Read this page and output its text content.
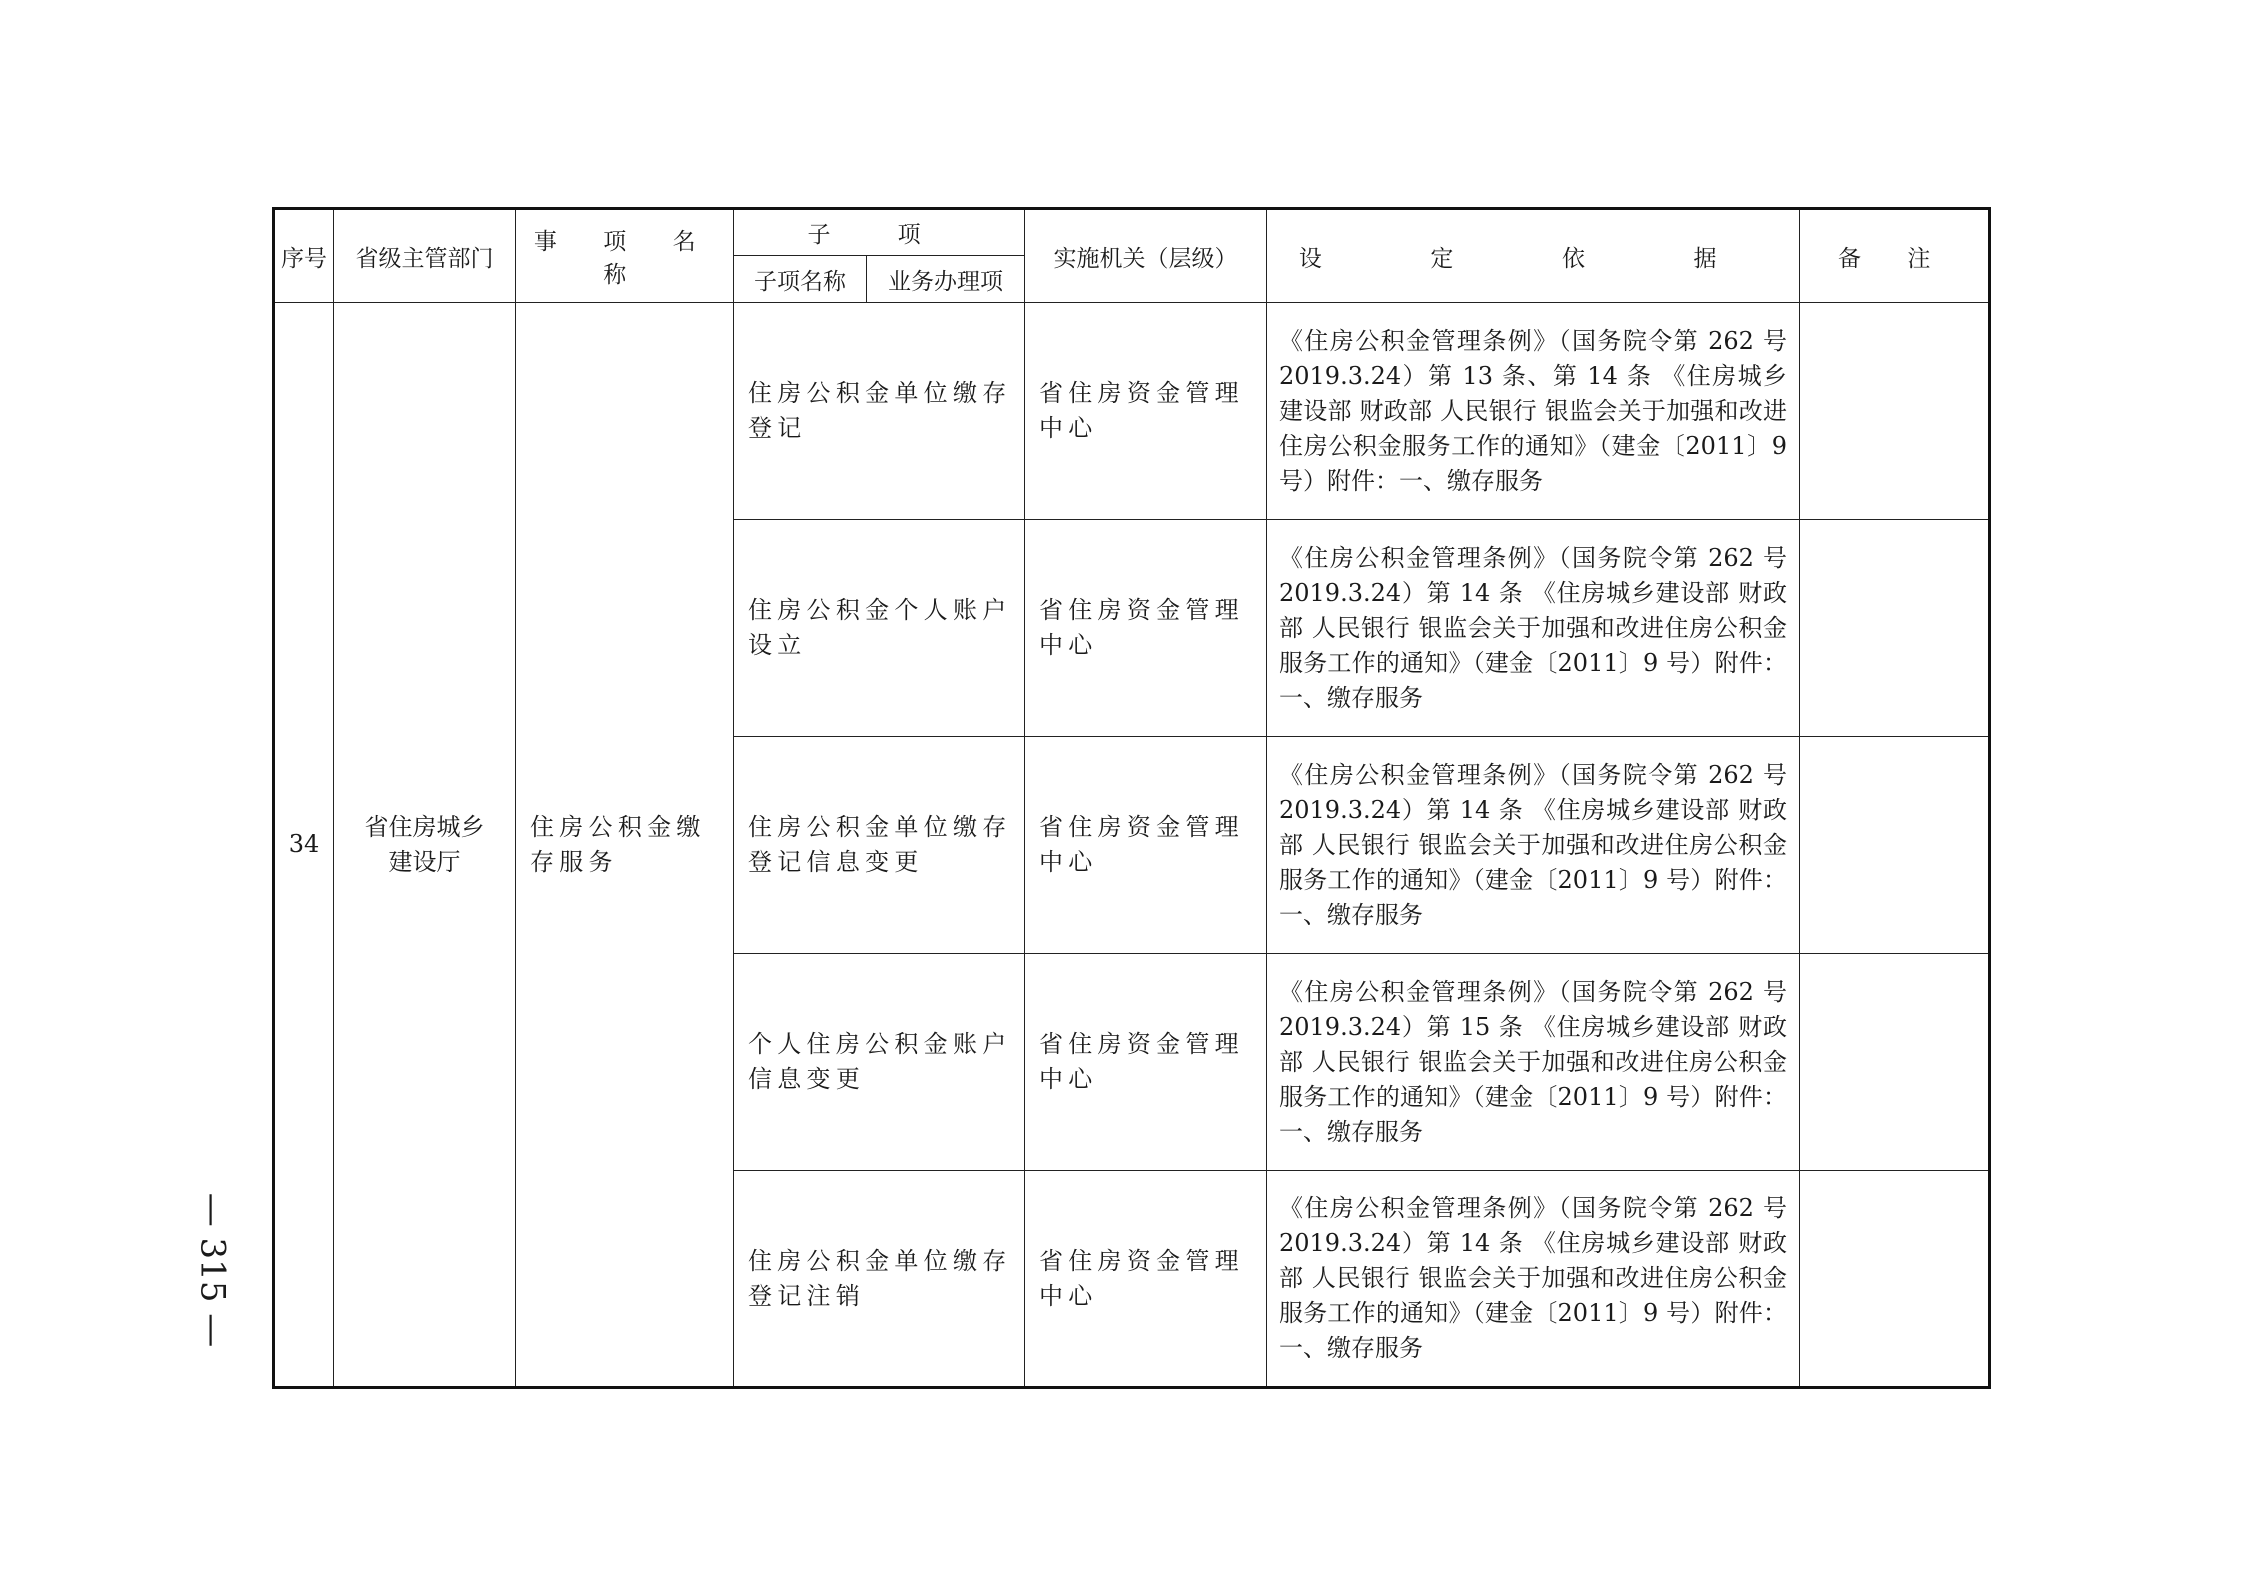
序号	省级主管部门	事 项 名 称	子 项		实施机关（层级）	设 定 依 据	备 注
			子项名称	业务办理项			
34	省住房城乡建设厅	住房公积金缴存服务	住房公积金单位缴存登记		省住房资金管理中心	《住房公积金管理条例》（国务院令第 262 号 2019.3.24）第 13 条、第 14 条 《住房城乡建设部 财政部 人民银行 银监会关于加强和改进住房公积金服务工作的通知》（建金〔2011〕9 号）附件：一、缴存服务	
			住房公积金个人账户设立		省住房资金管理中心	《住房公积金管理条例》（国务院令第 262 号 2019.3.24）第 14 条 《住房城乡建设部 财政部 人民银行 银监会关于加强和改进住房公积金服务工作的通知》（建金〔2011〕9 号）附件：一、缴存服务	
			住房公积金单位缴存登记信息变更		省住房资金管理中心	《住房公积金管理条例》（国务院令第 262 号 2019.3.24）第 14 条 《住房城乡建设部 财政部 人民银行 银监会关于加强和改进住房公积金服务工作的通知》（建金〔2011〕9 号）附件：一、缴存服务	
			个人住房公积金账户信息变更		省住房资金管理中心	《住房公积金管理条例》（国务院令第 262 号 2019.3.24）第 15 条 《住房城乡建设部 财政部 人民银行 银监会关于加强和改进住房公积金服务工作的通知》（建金〔2011〕9 号）附件：一、缴存服务	
			住房公积金单位缴存登记注销		省住房资金管理中心	《住房公积金管理条例》（国务院令第 262 号 2019.3.24）第 14 条 《住房城乡建设部 财政部 人民银行 银监会关于加强和改进住房公积金服务工作的通知》（建金〔2011〕9 号）附件：一、缴存服务	
— 315 —
